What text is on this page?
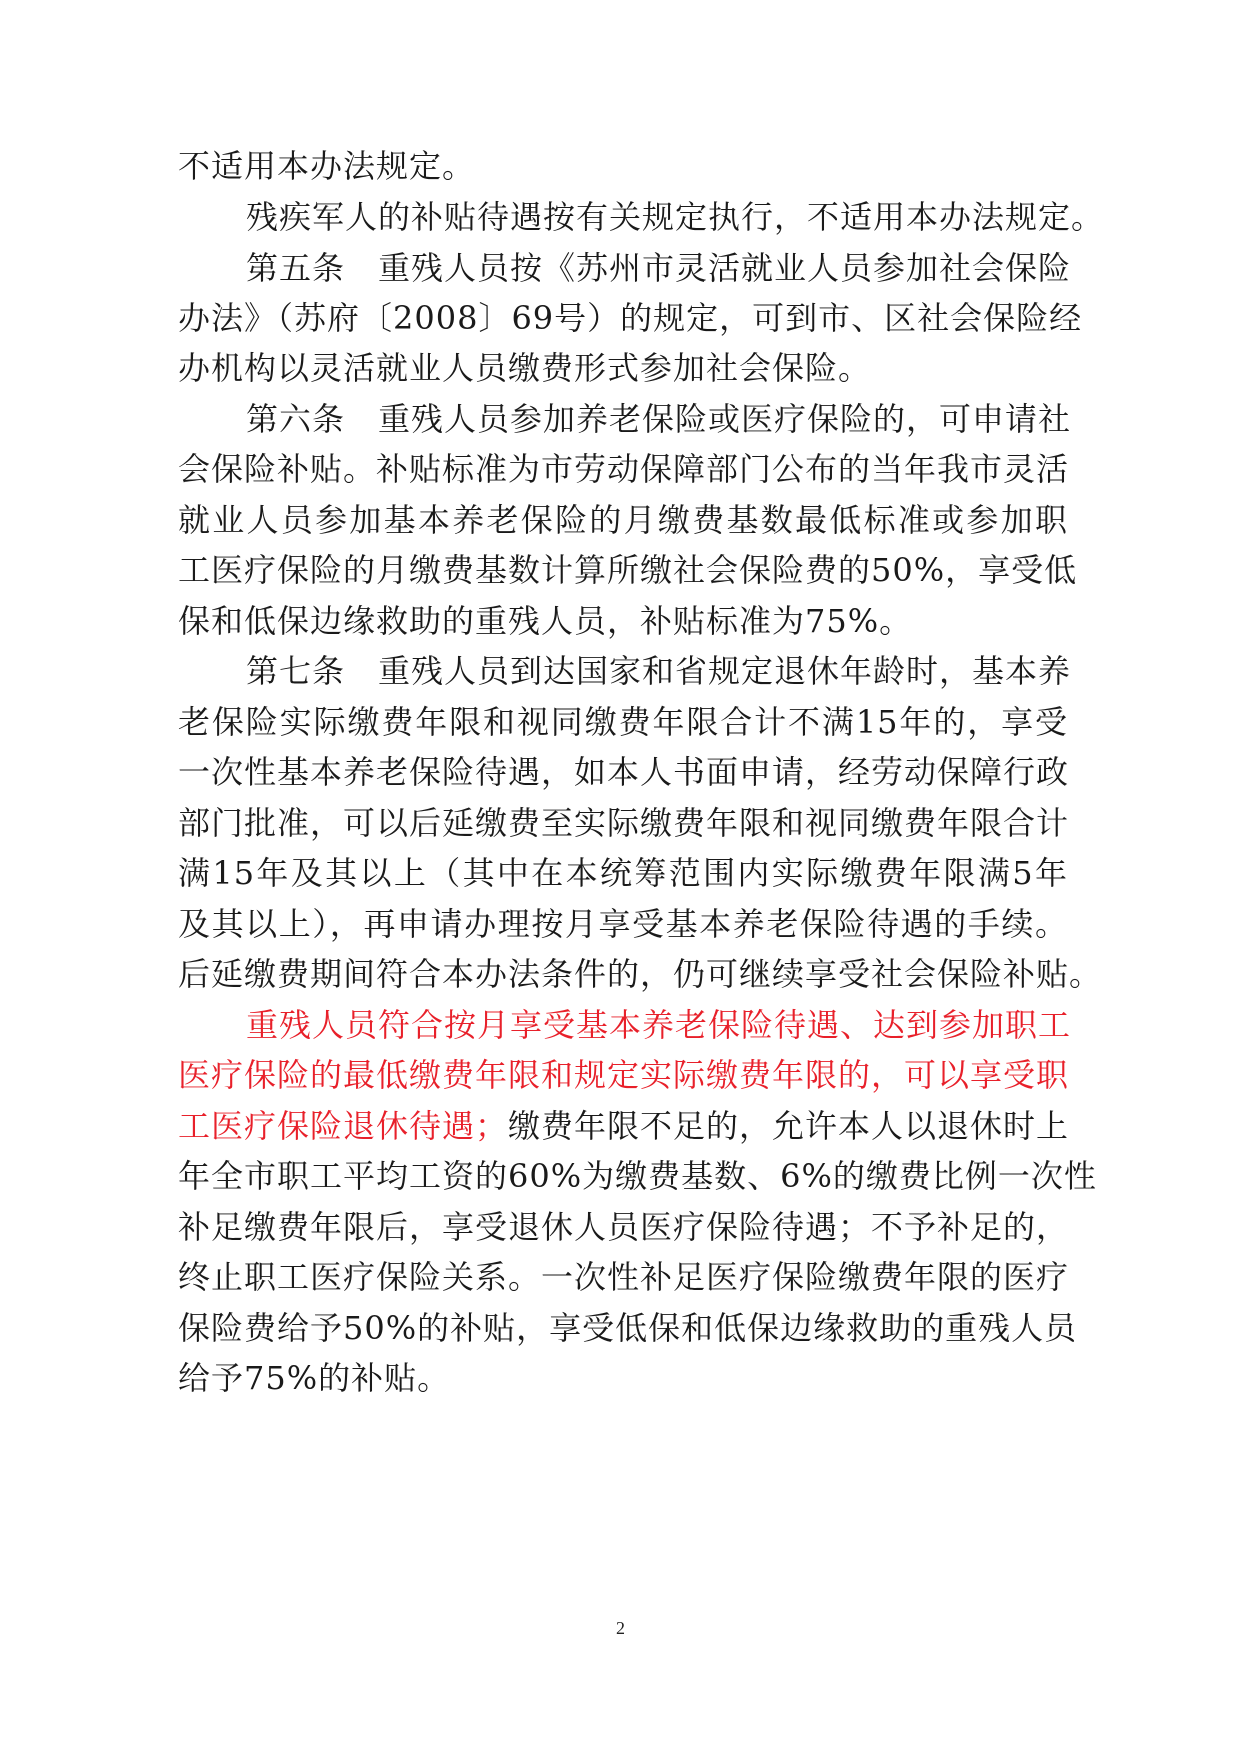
不适用本办法规定。
残疾军人的补贴待遇按有关规定执行，不适用本办法规定。
第五条　重残人员按《苏州市灵活就业人员参加社会保险
办法》（苏府〔2008〕69号）的规定，可到市、区社会保险经
办机构以灵活就业人员缴费形式参加社会保险。
第六条　重残人员参加养老保险或医疗保险的，可申请社
会保险补贴。补贴标准为市劳动保障部门公布的当年我市灵活
就业人员参加基本养老保险的月缴费基数最低标准或参加职
工医疗保险的月缴费基数计算所缴社会保险费的50%，享受低
保和低保边缘救助的重残人员，补贴标准为75%。
第七条　重残人员到达国家和省规定退休年龄时，基本养
老保险实际缴费年限和视同缴费年限合计不满15年的，享受
一次性基本养老保险待遇，如本人书面申请，经劳动保障行政
部门批准，可以后延缴费至实际缴费年限和视同缴费年限合计
满15年及其以上（其中在本统筹范围内实际缴费年限满5年
及其以上），再申请办理按月享受基本养老保险待遇的手续。
后延缴费期间符合本办法条件的，仍可继续享受社会保险补贴。
重残人员符合按月享受基本养老保险待遇、达到参加职工
医疗保险的最低缴费年限和规定实际缴费年限的，可以享受职
工医疗保险退休待遇；缴费年限不足的，允许本人以退休时上
年全市职工平均工资的60%为缴费基数、6%的缴费比例一次性
补足缴费年限后，享受退休人员医疗保险待遇；不予补足的，
终止职工医疗保险关系。一次性补足医疗保险缴费年限的医疗
保险费给予50%的补贴，享受低保和低保边缘救助的重残人员
给予75%的补贴。
2
